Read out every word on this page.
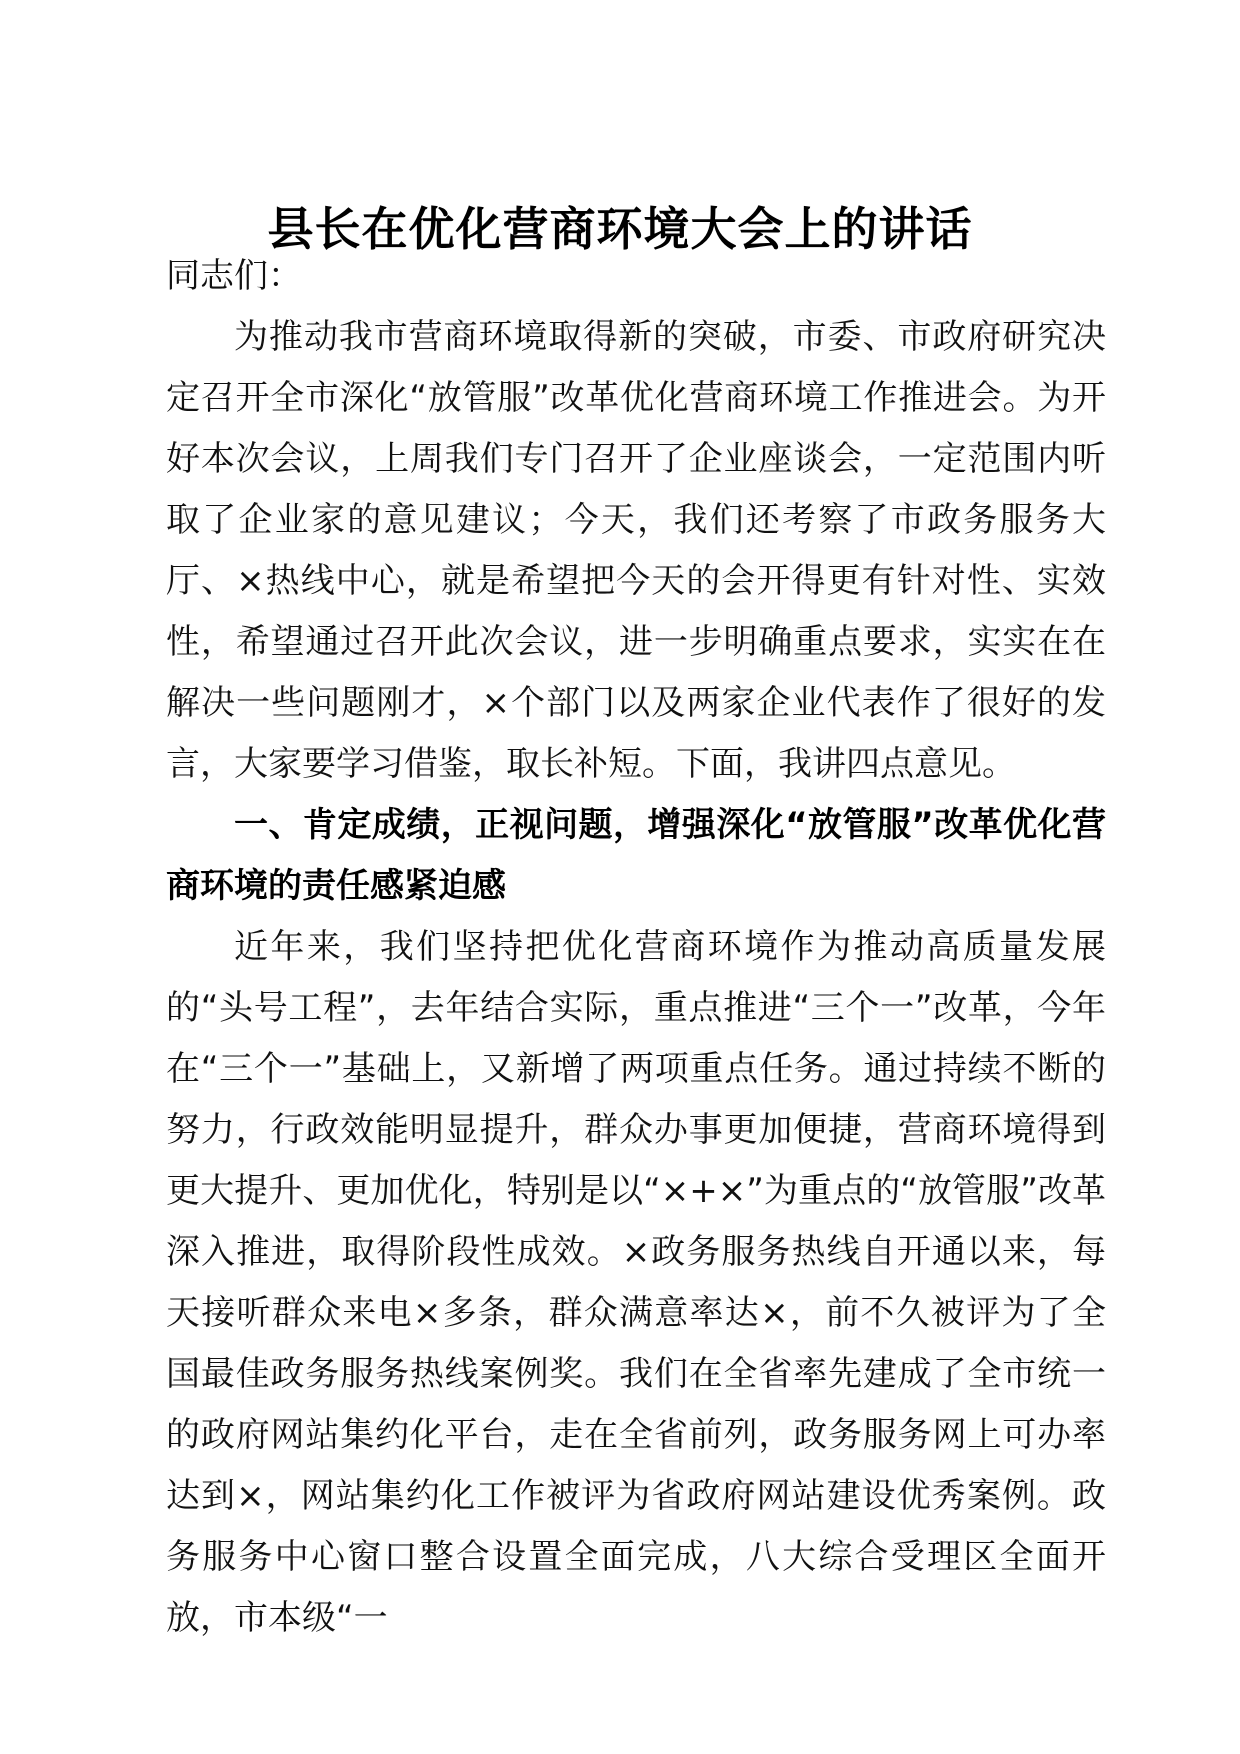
县长在优化营商环境大会上的讲话

同志们：

为推动我市营商环境取得新的突破，市委、市政府研究决定召开全市深化“放管服”改革优化营商环境工作推进会。为开好本次会议，上周我们专门召开了企业座谈会，一定范围内听取了企业家的意见建议；今天，我们还考察了市政务服务大厅、×热线中心，就是希望把今天的会开得更有针对性、实效性，希望通过召开此次会议，进一步明确重点要求，实实在在解决一些问题刚才，×个部门以及两家企业代表作了很好的发言，大家要学习借鉴，取长补短。下面，我讲四点意见。

一、肯定成绩，正视问题，增强深化“放管服”改革优化营商环境的责任感紧迫感

近年来，我们坚持把优化营商环境作为推动高质量发展的“头号工程”，去年结合实际，重点推进“三个一”改革，今年在“三个一”基础上，又新增了两项重点任务。通过持续不断的努力，行政效能明显提升，群众办事更加便捷，营商环境得到更大提升、更加优化，特别是以“×+×”为重点的“放管服”改革深入推进，取得阶段性成效。×政务服务热线自开通以来，每天接听群众来电×多条，群众满意率达×，前不久被评为了全国最佳政务服务热线案例奖。我们在全省率先建成了全市统一的政府网站集约化平台，走在全省前列，政务服务网上可办率达到×，网站集约化工作被评为省政府网站建设优秀案例。政务服务中心窗口整合设置全面完成，八大综合受理区全面开放，市本级“一
